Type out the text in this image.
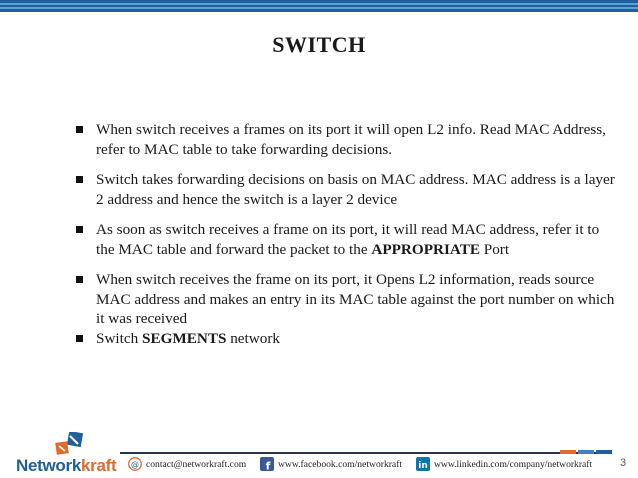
SWITCH
When switch receives a frames on its port it will open L2 info. Read MAC Address, refer to MAC table to take forwarding decisions.
Switch takes forwarding decisions on basis on MAC address. MAC address is a layer 2 address and hence the switch is a layer 2 device
As soon as switch receives a frame on its port, it will read MAC address, refer it to the MAC table and forward the packet to the APPROPRIATE Port
When switch receives the frame on its port, it Opens L2 information, reads source MAC address and makes an entry in its MAC table against the port number on which it was received
Switch SEGMENTS network
Networkkraft @ contact@networkraft.com f www.facebook.com/networkraft in www.linkedin.com/company/networkraft	3
